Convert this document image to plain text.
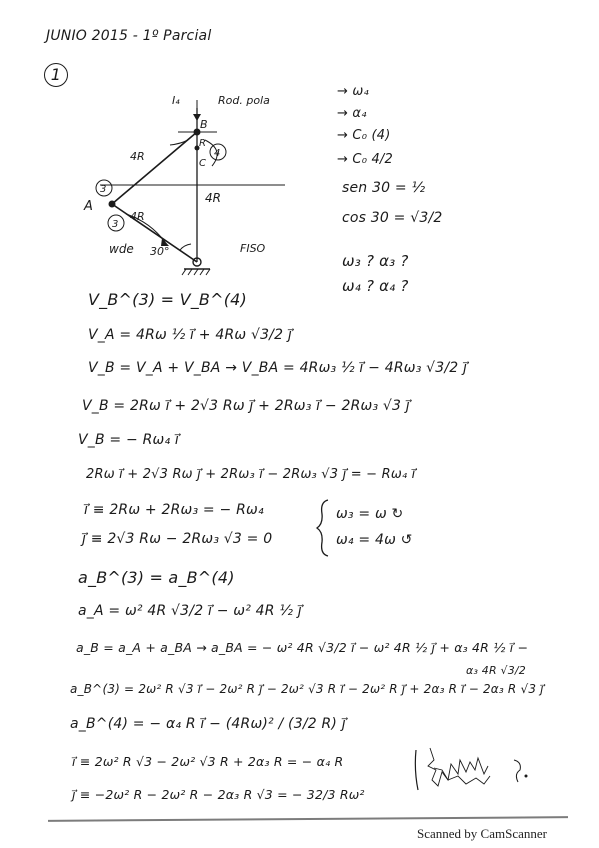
JUNIO 2015 - 1º Parcial
1
Rod. pola
I₄
B
R
C
A
4
3
3
4R
4R
4R
wde 30°	FISO
→ ω₄
→ α₄
→ C₀ (4)
→ C₀ 4/2
sen 30 = ½
cos 30 = √3/2
ω₃ ? α₃ ?
ω₄ ? α₄ ?
V_B^(3) = V_B^(4)
V_A = 4Rω ½ i⃗ + 4Rω √3/2 j⃗
V_B = V_A + V_BA → V_BA = 4Rω₃ ½ i⃗ − 4Rω₃ √3/2 j⃗
V_B = 2Rω i⃗ + 2√3 Rω j⃗ + 2Rω₃ i⃗ − 2Rω₃ √3 j⃗
V_B = − Rω₄ i⃗
2Rω i⃗ + 2√3 Rω j⃗ + 2Rω₃ i⃗ − 2Rω₃ √3 j⃗ = − Rω₄ i⃗
i⃗ ≡ 2Rω + 2Rω₃ = − Rω₄
j⃗ ≡ 2√3 Rω − 2Rω₃ √3 = 0
ω₃ = ω ↻
ω₄ = 4ω ↺
a_B^(3) = a_B^(4)
a_A = ω² 4R √3/2 i⃗ − ω² 4R ½ j⃗
a_B = a_A + a_BA → a_BA = − ω² 4R √3/2 i⃗ − ω² 4R ½ j⃗ + α₃ 4R ½ i⃗ −
α₃ 4R √3/2
a_B^(3) = 2ω² R √3 i⃗ − 2ω² R j⃗ − 2ω² √3 R i⃗ − 2ω² R j⃗ + 2α₃ R i⃗ − 2α₃ R √3 j⃗
a_B^(4) = − α₄ R i⃗ − (4Rω)² / (3/2 R) j⃗
i⃗ ≡ 2ω² R √3 − 2ω² √3 R + 2α₃ R = − α₄ R
j⃗ ≡ −2ω² R − 2ω² R − 2α₃ R √3 = − 32/3 Rω²
Scanned by CamScanner
